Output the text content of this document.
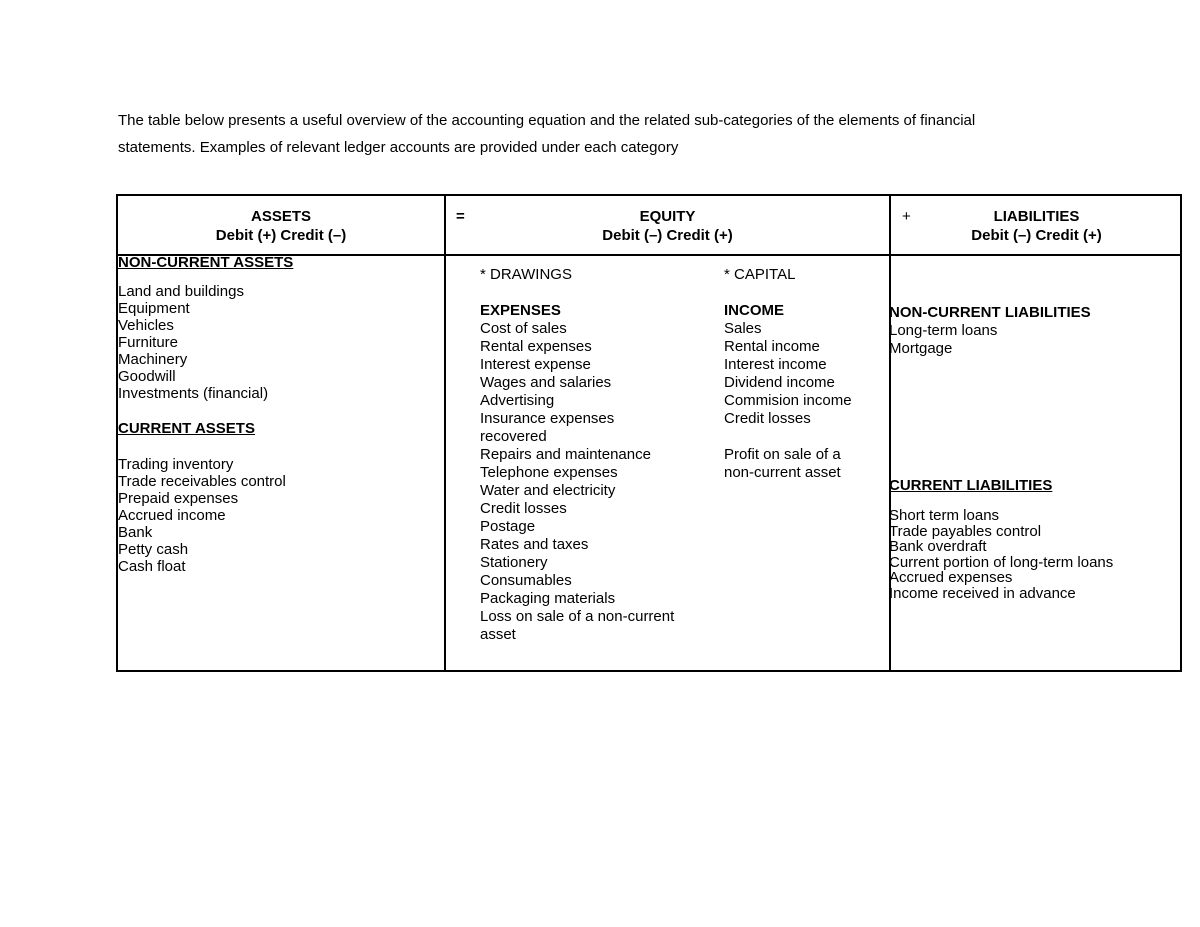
The table below presents a useful overview of the accounting equation and the related sub-categories of the elements of financial
statements. Examples of relevant ledger accounts are provided under each category

ASSETS
Debit (+) Credit (–)
=	EQUITY
Debit (–) Credit (+)
+	LIABILITIES
Debit (–) Credit (+)
NON-CURRENT ASSETS
Land and buildings
Equipment
Vehicles
Furniture
Machinery
Goodwill
Investments (financial)
CURRENT ASSETS
Trading inventory
Trade receivables control
Prepaid expenses
Accrued income
Bank
Petty cash
Cash float
* DRAWINGS
EXPENSES
Cost of sales
Rental expenses
Interest expense
Wages and salaries
Advertising
Insurance expenses
recovered
Repairs and maintenance
Telephone expenses
Water and electricity
Credit losses
Postage
Rates and taxes
Stationery
Consumables
Packaging materials
Loss on sale of a non-current
asset
* CAPITAL
INCOME
Sales
Rental income
Interest income
Dividend income
Commision income
Credit losses
Profit on sale of a
non-current asset
NON-CURRENT LIABILITIES
Long-term loans
Mortgage
CURRENT LIABILITIES
Short term loans
Trade payables control
Bank overdraft
Current portion of long-term loans
Accrued expenses
Income received in advance
